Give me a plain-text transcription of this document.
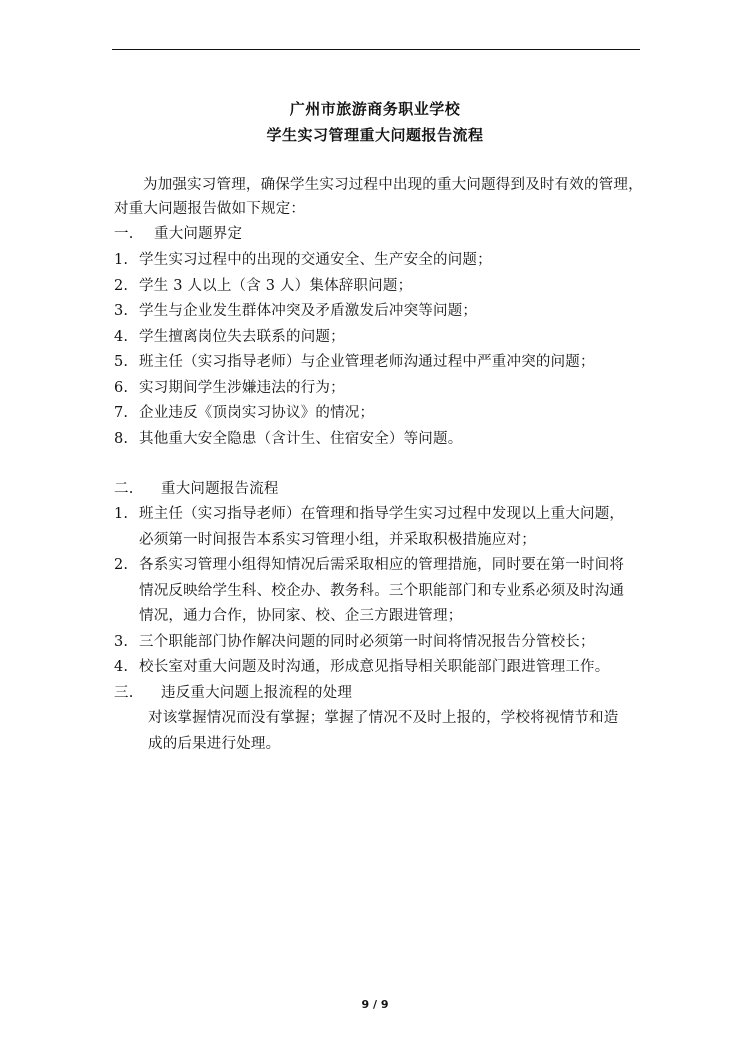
广州市旅游商务职业学校
学生实习管理重大问题报告流程
为加强实习管理，确保学生实习过程中出现的重大问题得到及时有效的管理，
对重大问题报告做如下规定：
一. 重大问题界定
1. 学生实习过程中的出现的交通安全、生产安全的问题；
2. 学生 3 人以上（含 3 人）集体辞职问题；
3. 学生与企业发生群体冲突及矛盾激发后冲突等问题；
4. 学生擅离岗位失去联系的问题；
5. 班主任（实习指导老师）与企业管理老师沟通过程中严重冲突的问题；
6. 实习期间学生涉嫌违法的行为；
7. 企业违反《顶岗实习协议》的情况；
8. 其他重大安全隐患（含计生、住宿安全）等问题。
二. 重大问题报告流程
1. 班主任（实习指导老师）在管理和指导学生实习过程中发现以上重大问题，
必须第一时间报告本系实习管理小组，并采取积极措施应对；
2. 各系实习管理小组得知情况后需采取相应的管理措施，同时要在第一时间将
情况反映给学生科、校企办、教务科。三个职能部门和专业系必须及时沟通
情况，通力合作，协同家、校、企三方跟进管理；
3. 三个职能部门协作解决问题的同时必须第一时间将情况报告分管校长；
4. 校长室对重大问题及时沟通，形成意见指导相关职能部门跟进管理工作。
三. 违反重大问题上报流程的处理
对该掌握情况而没有掌握；掌握了情况不及时上报的，学校将视情节和造
成的后果进行处理。
9 / 9
